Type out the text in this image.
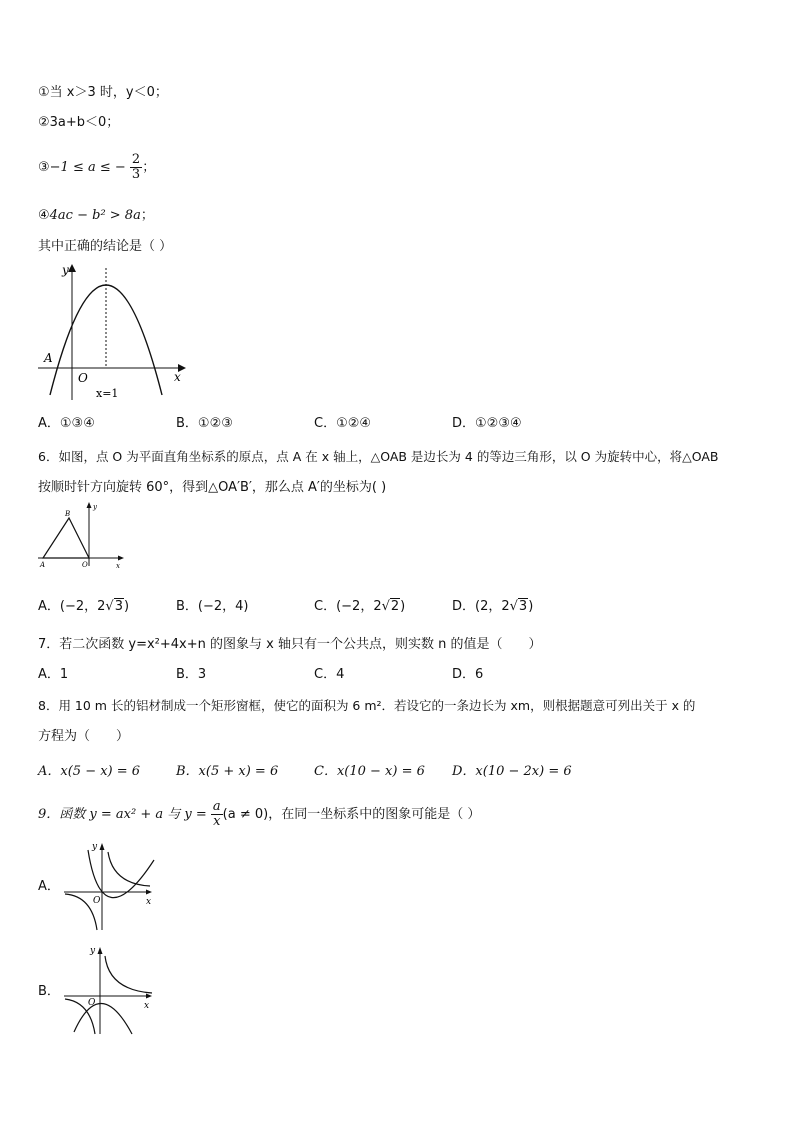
①当 x＞3 时，y＜0；
②3a+b＜0；
③−1 ≤ a ≤ − $\frac{2}{3}$ ；
④4ac − b² > 8a；
其中正确的结论是（ ）
y
x
A
O
x=1
A．①③④	B．①②③	C．①②④	D．①②③④
6．如图，点 O 为平面直角坐标系的原点，点 A 在 x 轴上，△OAB 是边长为 4 的等边三角形，以 O 为旋转中心，将△OAB
按顺时针方向旋转 60°，得到△OA′B′，那么点 A′的坐标为( )
B
y
A	O	x
A．(−2，2√3)	B．(−2，4)	C．(−2，2√2)	D．(2，2√3)
7．若二次函数 y=x²+4x+n 的图象与 x 轴只有一个公共点，则实数 n 的值是（　　）
A．1	B．3	C．4	D．6
8．用 10 m 长的铝材制成一个矩形窗框，使它的面积为 6 m²．若设它的一条边长为 xm，则根据题意可列出关于 x 的
方程为（　　）
A．x(5 − x) = 6	B．x(5 + x) = 6	C．x(10 − x) = 6 D．x(10 − 2x) = 6
9．函数 y = ax² + a 与 $y = \frac{a}{x} (a \ne 0)$，在同一坐标系中的图象可能是（ ）
A．
y
O	x
B．
y
O	x
